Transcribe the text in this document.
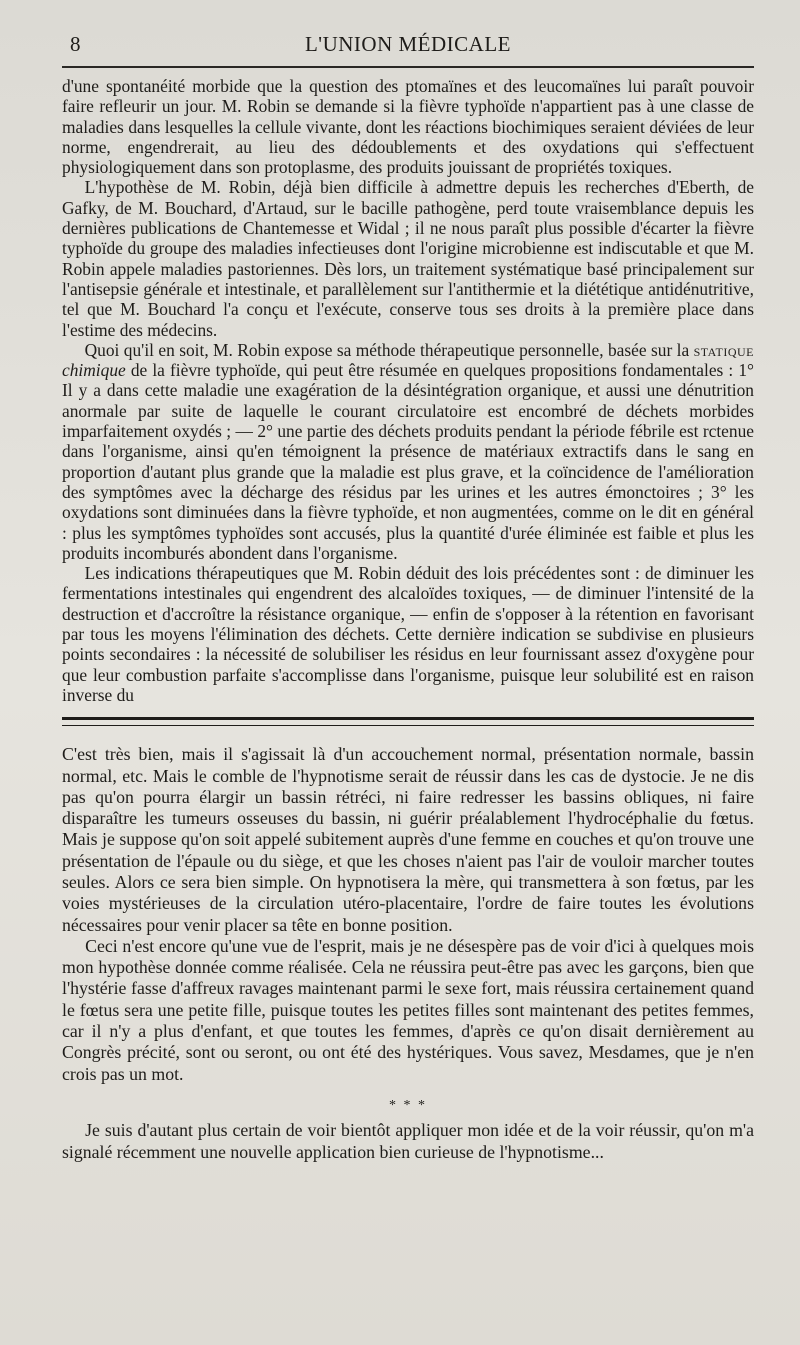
8	L'UNION MÉDICALE

d'une spontanéité morbide que la question des ptomaïnes et des leucomaïnes lui paraît pouvoir faire refleurir un jour. M. Robin se demande si la fièvre typhoïde n'appartient pas à une classe de maladies dans lesquelles la cellule vivante, dont les réactions biochimiques seraient déviées de leur norme, engendrerait, au lieu des dédoublements et des oxydations qui s'effectuent physiologiquement dans son protoplasme, des produits jouissant de propriétés toxiques.

L'hypothèse de M. Robin, déjà bien difficile à admettre depuis les recherches d'Eberth, de Gafky, de M. Bouchard, d'Artaud, sur le bacille pathogène, perd toute vraisemblance depuis les dernières publications de Chantemesse et Widal ; il ne nous paraît plus possible d'écarter la fièvre typhoïde du groupe des maladies infectieuses dont l'origine microbienne est indiscutable et que M. Robin appele maladies pastoriennes. Dès lors, un traitement systématique basé principalement sur l'antisepsie générale et intestinale, et parallèlement sur l'antithermie et la diététique antidénutritive, tel que M. Bouchard l'a conçu et l'exécute, conserve tous ses droits à la première place dans l'estime des médecins.

Quoi qu'il en soit, M. Robin expose sa méthode thérapeutique personnelle, basée sur la statique chimique de la fièvre typhoïde, qui peut être résumée en quelques propositions fondamentales : 1° Il y a dans cette maladie une exagération de la désintégration organique, et aussi une dénutrition anormale par suite de laquelle le courant circulatoire est encombré de déchets morbides imparfaitement oxydés ; — 2° une partie des déchets produits pendant la période fébrile est rctenue dans l'organisme, ainsi qu'en témoignent la présence de matériaux extractifs dans le sang en proportion d'autant plus grande que la maladie est plus grave, et la coïncidence de l'amélioration des symptômes avec la décharge des résidus par les urines et les autres émonctoires ; 3° les oxydations sont diminuées dans la fièvre typhoïde, et non augmentées, comme on le dit en général : plus les symptômes typhoïdes sont accusés, plus la quantité d'urée éliminée est faible et plus les produits incomburés abondent dans l'organisme.

Les indications thérapeutiques que M. Robin déduit des lois précédentes sont : de diminuer les fermentations intestinales qui engendrent des alcaloïdes toxiques, — de diminuer l'intensité de la destruction et d'accroître la résistance organique, — enfin de s'opposer à la rétention en favorisant par tous les moyens l'élimination des déchets. Cette dernière indication se subdivise en plusieurs points secondaires : la nécessité de solubiliser les résidus en leur fournissant assez d'oxygène pour que leur combustion parfaite s'accomplisse dans l'organisme, puisque leur solubilité est en raison inverse du

C'est très bien, mais il s'agissait là d'un accouchement normal, présentation normale, bassin normal, etc. Mais le comble de l'hypnotisme serait de réussir dans les cas de dystocie. Je ne dis pas qu'on pourra élargir un bassin rétréci, ni faire redresser les bassins obliques, ni faire disparaître les tumeurs osseuses du bassin, ni guérir préalablement l'hydrocéphalie du fœtus. Mais je suppose qu'on soit appelé subitement auprès d'une femme en couches et qu'on trouve une présentation de l'épaule ou du siège, et que les choses n'aient pas l'air de vouloir marcher toutes seules. Alors ce sera bien simple. On hypnotisera la mère, qui transmettera à son fœtus, par les voies mystérieuses de la circulation utéro-placentaire, l'ordre de faire toutes les évolutions nécessaires pour venir placer sa tête en bonne position.

Ceci n'est encore qu'une vue de l'esprit, mais je ne désespère pas de voir d'ici à quelques mois mon hypothèse donnée comme réalisée. Cela ne réussira peut-être pas avec les garçons, bien que l'hystérie fasse d'affreux ravages maintenant parmi le sexe fort, mais réussira certainement quand le fœtus sera une petite fille, puisque toutes les petites filles sont maintenant des petites femmes, car il n'y a plus d'enfant, et que toutes les femmes, d'après ce qu'on disait dernièrement au Congrès précité, sont ou seront, ou ont été des hystériques. Vous savez, Mesdames, que je n'en crois pas un mot.

* * *

Je suis d'autant plus certain de voir bientôt appliquer mon idée et de la voir réussir, qu'on m'a signalé récemment une nouvelle application bien curieuse de l'hypnotisme...
